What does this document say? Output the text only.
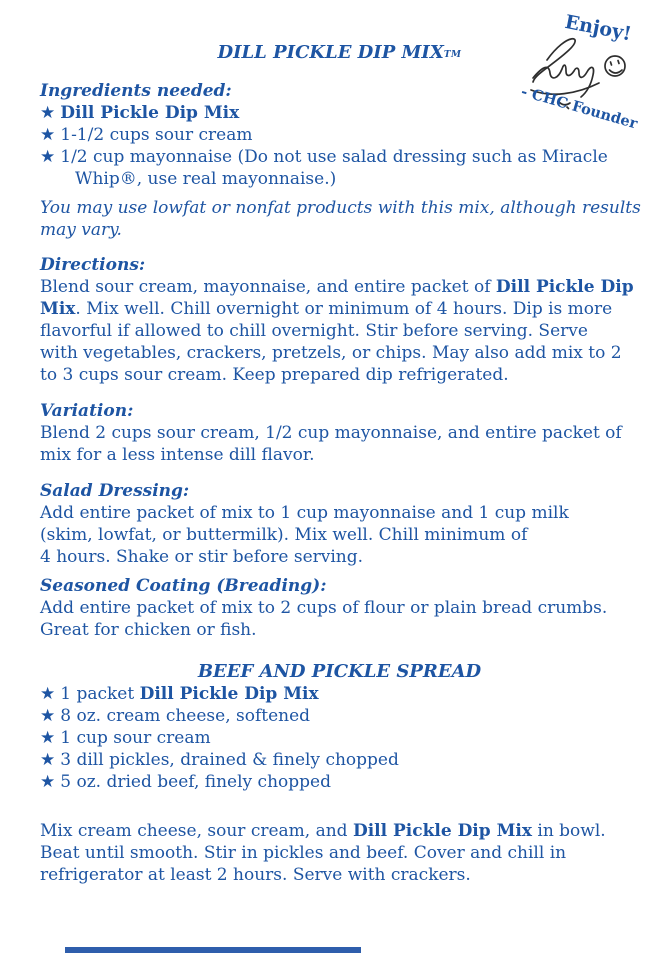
Enjoy!
- CHC Founder
DILL PICKLE DIP MIXTM
Ingredients needed:
★ Dill Pickle Dip Mix
★ 1-1/2 cups sour cream
★ 1/2 cup mayonnaise (Do not use salad dressing such as Miracle
Whip®, use real mayonnaise.)
You may use lowfat or nonfat products with this mix, although results
may vary.
Directions:
Blend sour cream, mayonnaise, and entire packet of Dill Pickle Dip
Mix. Mix well. Chill overnight or minimum of 4 hours. Dip is more
flavorful if allowed to chill overnight. Stir before serving. Serve
with vegetables, crackers, pretzels, or chips. May also add mix to 2
to 3 cups sour cream. Keep prepared dip refrigerated.
Variation:
Blend 2 cups sour cream, 1/2 cup mayonnaise, and entire packet of
mix for a less intense dill flavor.
Salad Dressing:
Add entire packet of mix to 1 cup mayonnaise and 1 cup milk
(skim, lowfat, or buttermilk). Mix well. Chill minimum of
4 hours. Shake or stir before serving.
Seasoned Coating (Breading):
Add entire packet of mix to 2 cups of flour or plain bread crumbs.
Great for chicken or fish.
BEEF AND PICKLE SPREAD
★ 1 packet Dill Pickle Dip Mix
★ 8 oz. cream cheese, softened
★ 1 cup sour cream
★ 3 dill pickles, drained & finely chopped
★ 5 oz. dried beef, finely chopped
Mix cream cheese, sour cream, and Dill Pickle Dip Mix in bowl.
Beat until smooth. Stir in pickles and beef. Cover and chill in
refrigerator at least 2 hours. Serve with crackers.
